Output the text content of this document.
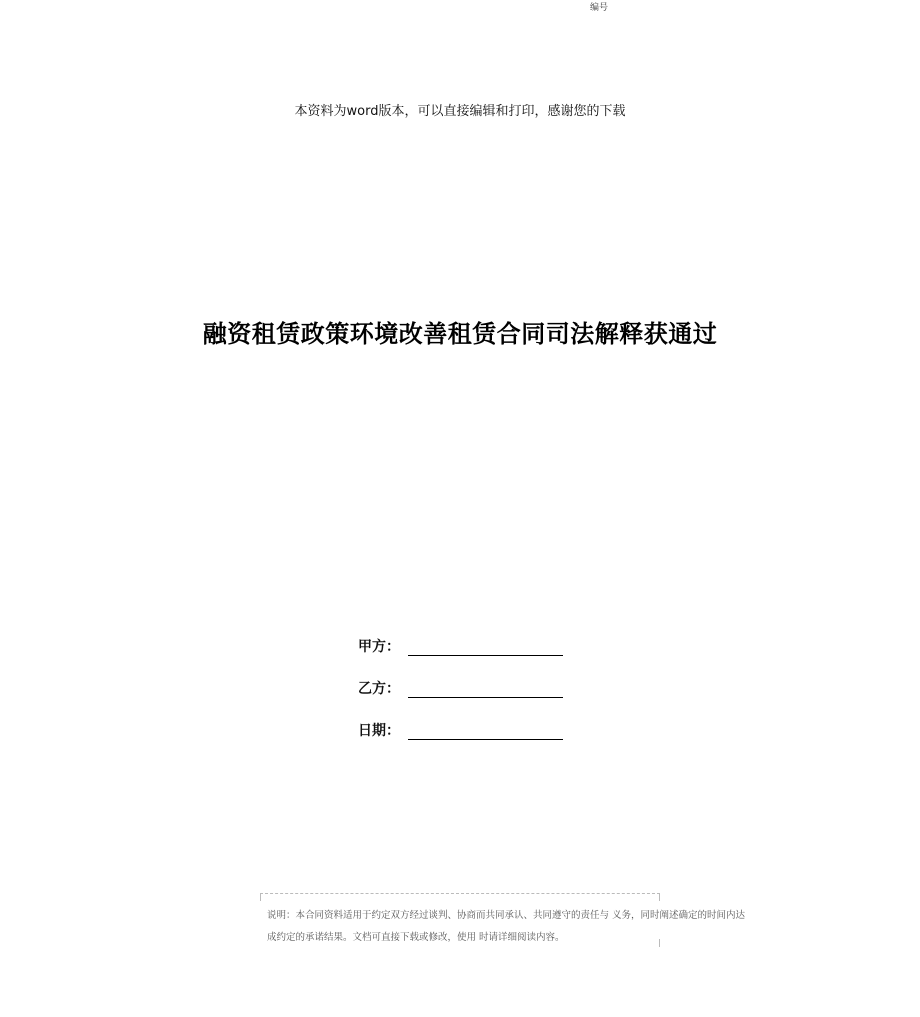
编号
本资料为word版本，可以直接编辑和打印，感谢您的下载
融资租赁政策环境改善租赁合同司法解释获通过
甲方：
乙方：
日期：
说明：本合同资料适用于约定双方经过谈判、协商而共同承认、共同遵守的责任与 义务，同时阐述确定的时间内达
成约定的承诺结果。文档可直接下载或修改，使用 时请详细阅读内容。
